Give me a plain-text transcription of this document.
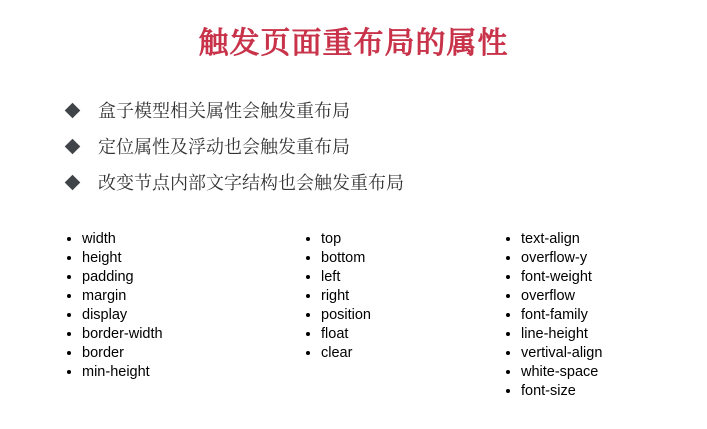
触发页面重布局的属性
盒子模型相关属性会触发重布局
定位属性及浮动也会触发重布局
改变节点内部文字结构也会触发重布局
width
height
padding
margin
display
border-width
border
min-height
top
bottom
left
right
position
float
clear
text-align
overflow-y
font-weight
overflow
font-family
line-height
vertival-align
white-space
font-size
